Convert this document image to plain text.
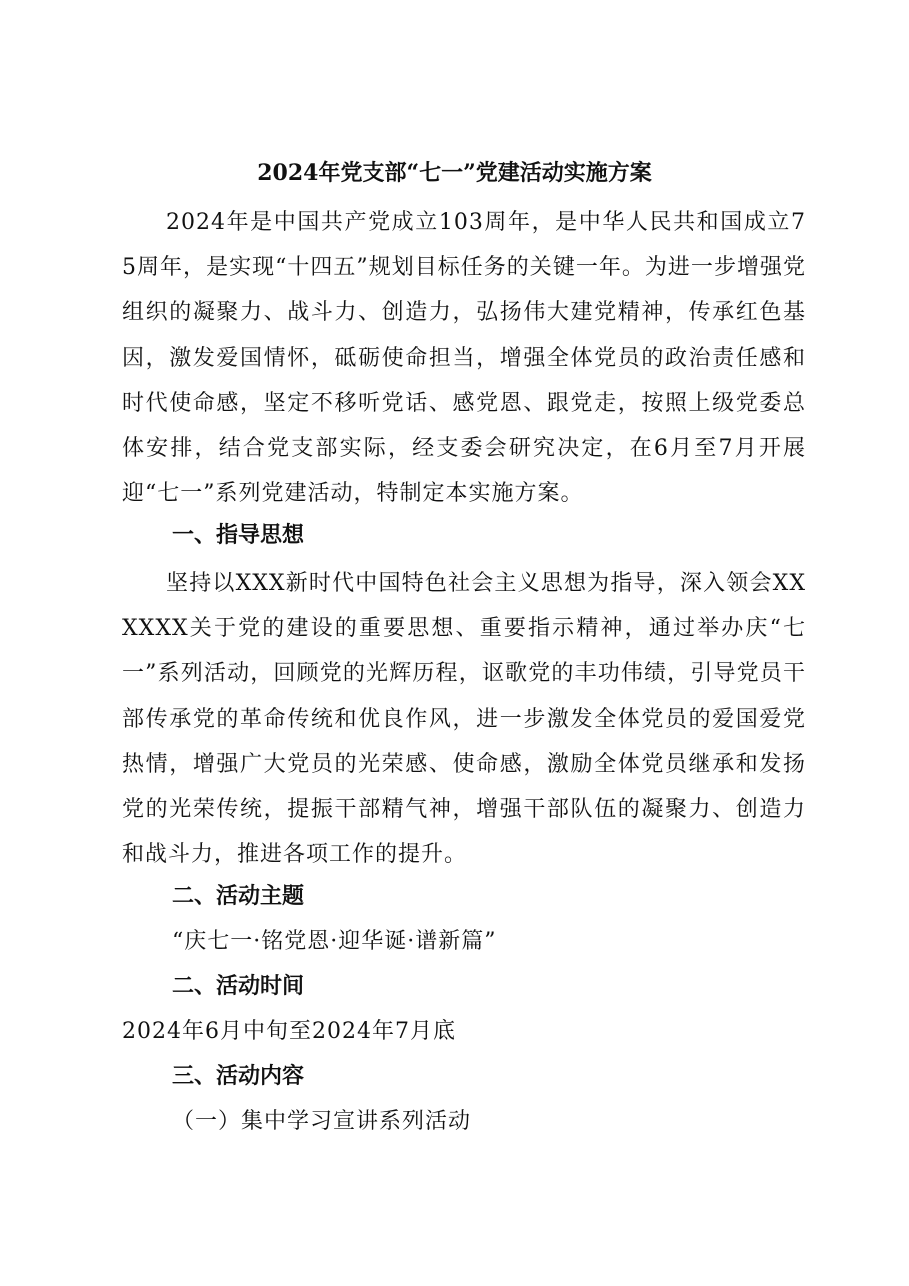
2024年党支部“七一”党建活动实施方案
2024年是中国共产党成立103周年，是中华人民共和国成立75周年，是实现“十四五”规划目标任务的关键一年。为进一步增强党组织的凝聚力、战斗力、创造力，弘扬伟大建党精神，传承红色基因，激发爱国情怀，砥砺使命担当，增强全体党员的政治责任感和时代使命感，坚定不移听党话、感党恩、跟党走，按照上级党委总体安排，结合党支部实际，经支委会研究决定，在6月至7月开展迎“七一”系列党建活动，特制定本实施方案。
一、指导思想
坚持以XXX新时代中国特色社会主义思想为指导，深入领会XXXXXX关于党的建设的重要思想、重要指示精神，通过举办庆“七一”系列活动，回顾党的光辉历程，讴歌党的丰功伟绩，引导党员干部传承党的革命传统和优良作风，进一步激发全体党员的爱国爱党热情，增强广大党员的光荣感、使命感，激励全体党员继承和发扬党的光荣传统，提振干部精气神，增强干部队伍的凝聚力、创造力和战斗力，推进各项工作的提升。
二、活动主题
“庆七一·铭党恩·迎华诞·谱新篇”
二、活动时间
2024年6月中旬至2024年7月底
三、活动内容
（一）集中学习宣讲系列活动
